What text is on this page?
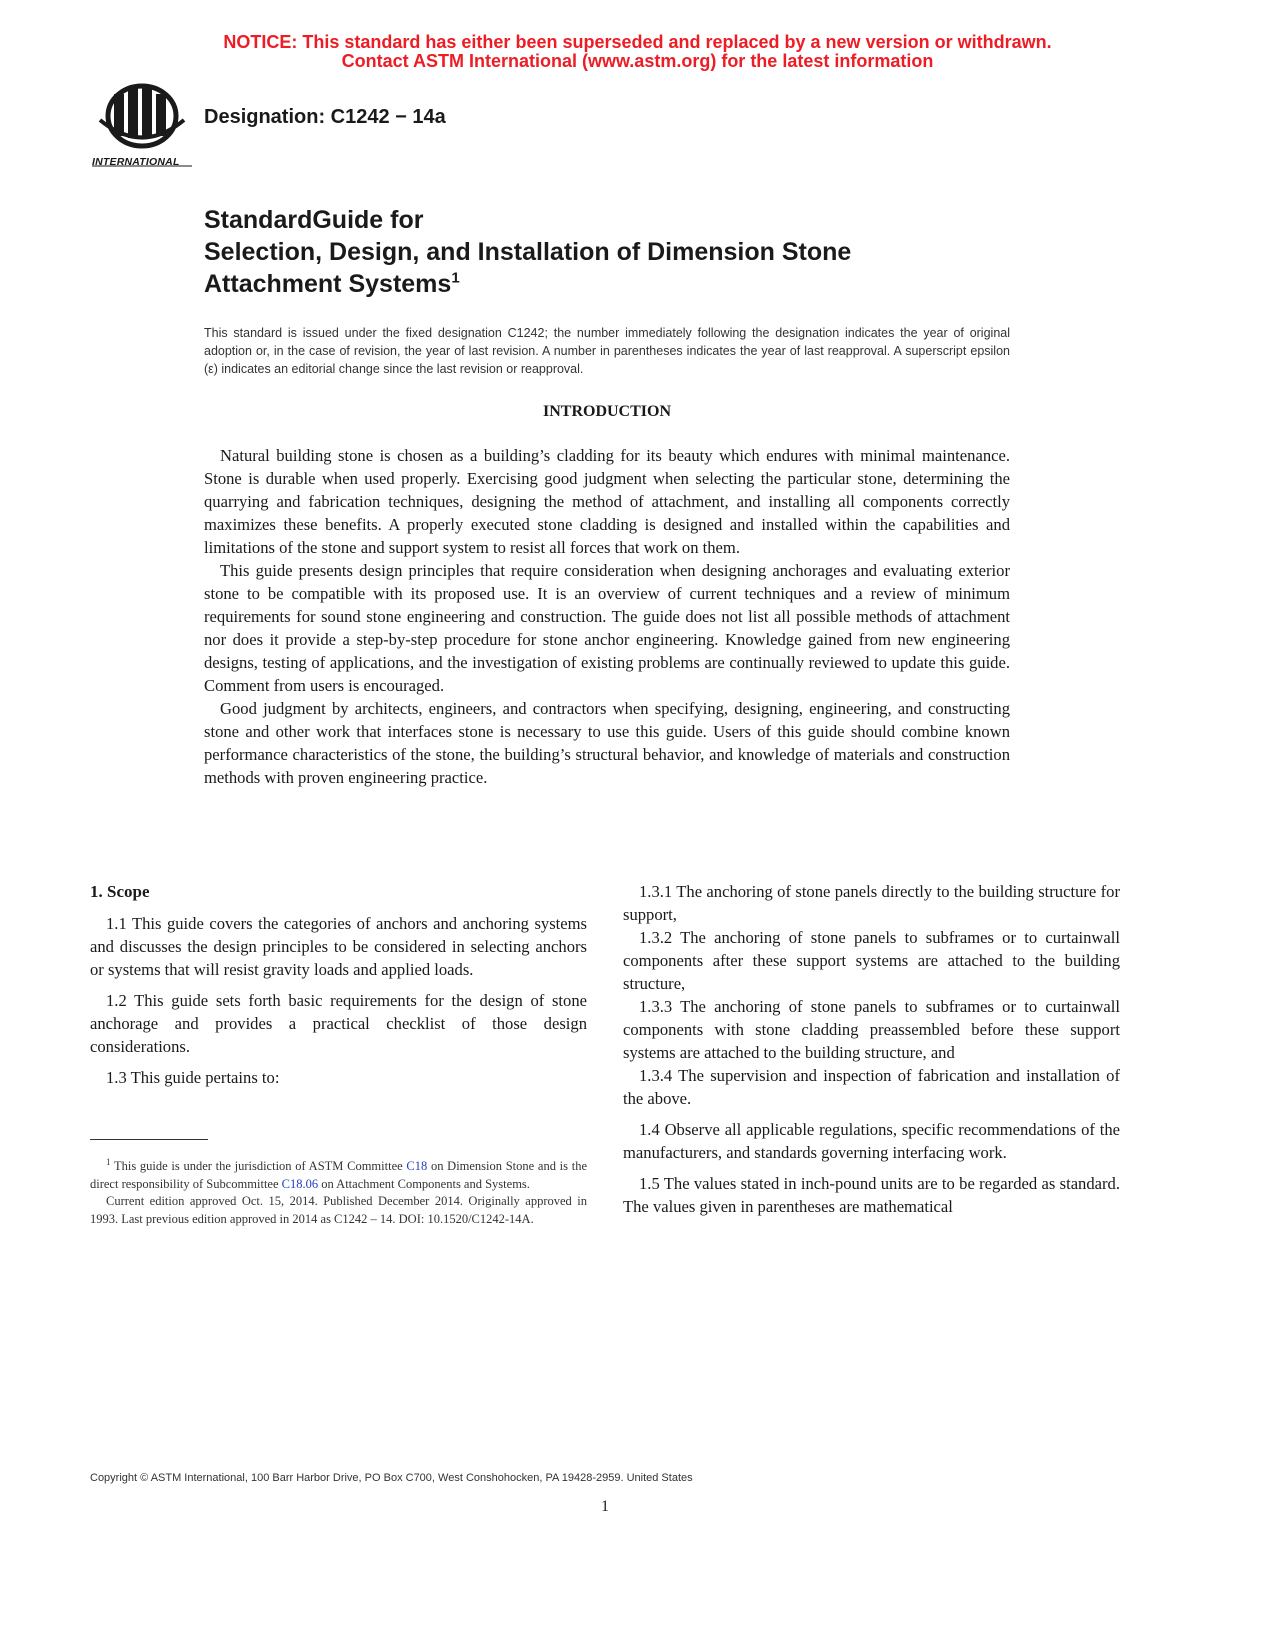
NOTICE: This standard has either been superseded and replaced by a new version or withdrawn.
Contact ASTM International (www.astm.org) for the latest information
INTERNATIONAL
Designation: C1242 − 14a
StandardGuide for
Selection, Design, and Installation of Dimension Stone
Attachment Systems$^1$
This standard is issued under the fixed designation C1242; the number immediately following the designation indicates the year of original adoption or, in the case of revision, the year of last revision. A number in parentheses indicates the year of last reapproval. A superscript epsilon (ε) indicates an editorial change since the last revision or reapproval.
INTRODUCTION

Natural building stone is chosen as a building’s cladding for its beauty which endures with minimal maintenance. Stone is durable when used properly. Exercising good judgment when selecting the particular stone, determining the quarrying and fabrication techniques, designing the method of attachment, and installing all components correctly maximizes these benefits. A properly executed stone cladding is designed and installed within the capabilities and limitations of the stone and support system to resist all forces that work on them.

This guide presents design principles that require consideration when designing anchorages and evaluating exterior stone to be compatible with its proposed use. It is an overview of current techniques and a review of minimum requirements for sound stone engineering and construction. The guide does not list all possible methods of attachment nor does it provide a step-by-step procedure for stone anchor engineering. Knowledge gained from new engineering designs, testing of applications, and the investigation of existing problems are continually reviewed to update this guide. Comment from users is encouraged.

Good judgment by architects, engineers, and contractors when specifying, designing, engineering, and constructing stone and other work that interfaces stone is necessary to use this guide. Users of this guide should combine known performance characteristics of the stone, the building’s structural behavior, and knowledge of materials and construction methods with proven engineering practice.

1. Scope

1.1 This guide covers the categories of anchors and anchoring systems and discusses the design principles to be considered in selecting anchors or systems that will resist gravity loads and applied loads.

1.2 This guide sets forth basic requirements for the design of stone anchorage and provides a practical checklist of those design considerations.

1.3 This guide pertains to:

$^1$ This guide is under the jurisdiction of ASTM Committee C18 on Dimension Stone and is the direct responsibility of Subcommittee C18.06 on Attachment Components and Systems.

Current edition approved Oct. 15, 2014. Published December 2014. Originally approved in 1993. Last previous edition approved in 2014 as C1242 – 14. DOI: 10.1520/C1242-14A.

1.3.1 The anchoring of stone panels directly to the building structure for support,

1.3.2 The anchoring of stone panels to subframes or to curtainwall components after these support systems are attached to the building structure,

1.3.3 The anchoring of stone panels to subframes or to curtainwall components with stone cladding preassembled before these support systems are attached to the building structure, and

1.3.4 The supervision and inspection of fabrication and installation of the above.

1.4 Observe all applicable regulations, specific recommendations of the manufacturers, and standards governing interfacing work.

1.5 The values stated in inch-pound units are to be regarded as standard. The values given in parentheses are mathematical

Copyright © ASTM International, 100 Barr Harbor Drive, PO Box C700, West Conshohocken, PA 19428-2959. United States
1
